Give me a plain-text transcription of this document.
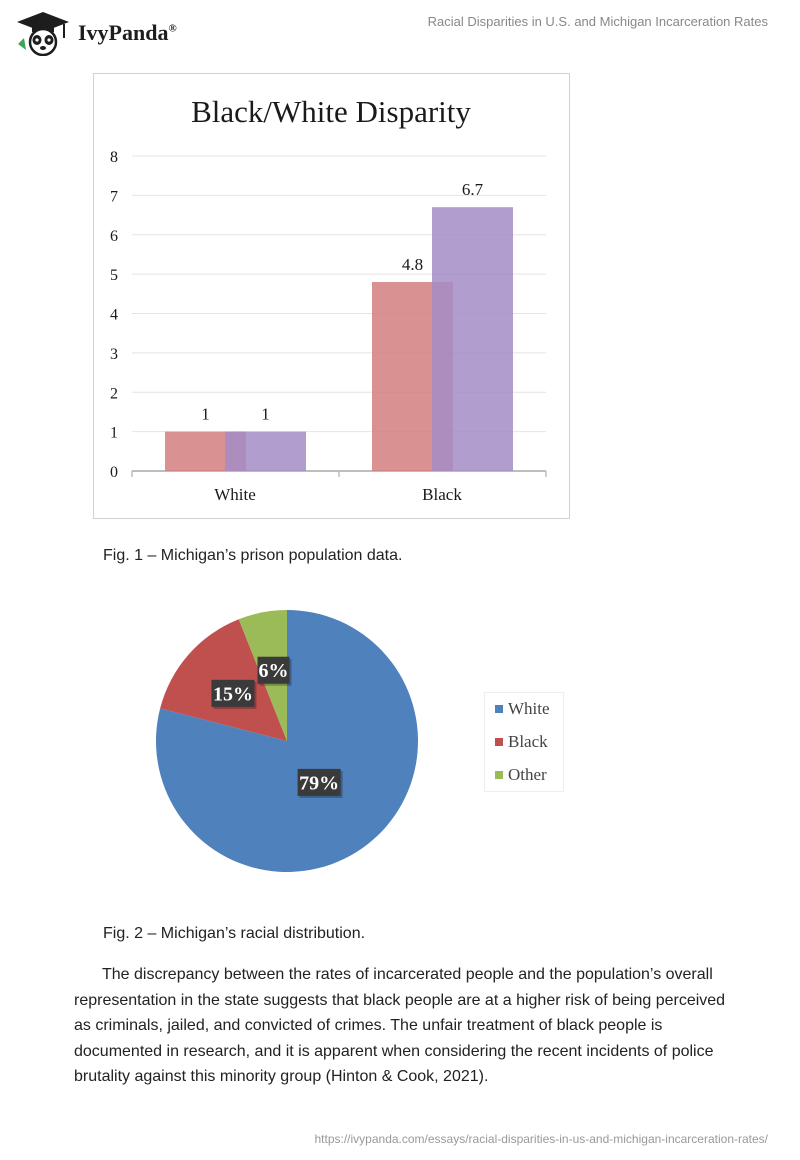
IvyPanda®	Racial Disparities in U.S. and Michigan Incarceration Rates
Black/White Disparity
0
1
2
3
4
5
6
7
8
1	1
White
4.8
6.7
Black
Fig. 1 – Michigan’s prison population data.
79%
15%
6%
White
Black
Other
Fig. 2 – Michigan’s racial distribution.

The discrepancy between the rates of incarcerated people and the population’s overall representation in the state suggests that black people are at a higher risk of being perceived as criminals, jailed, and convicted of crimes. The unfair treatment of black people is documented in research, and it is apparent when considering the recent incidents of police brutality against this minority group (Hinton & Cook, 2021).

https://ivypanda.com/essays/racial-disparities-in-us-and-michigan-incarceration-rates/
